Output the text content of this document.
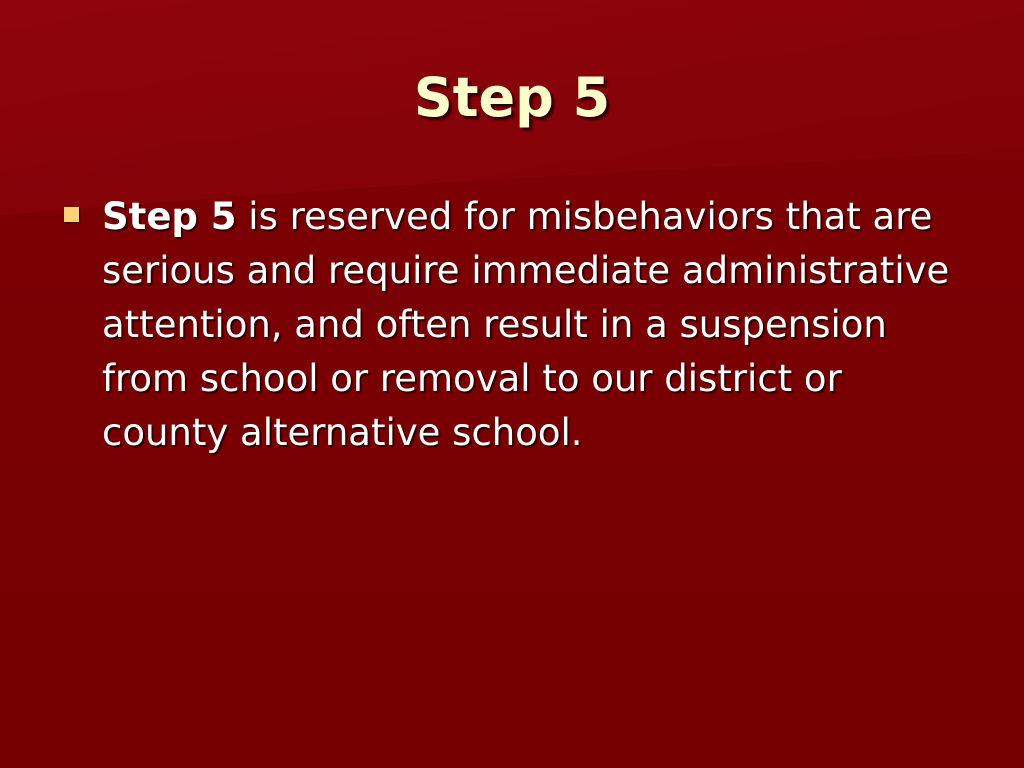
Step 5
Step 5 is reserved for misbehaviors that are serious and require immediate administrative attention, and often result in a suspension from school or removal to our district or county alternative school.
